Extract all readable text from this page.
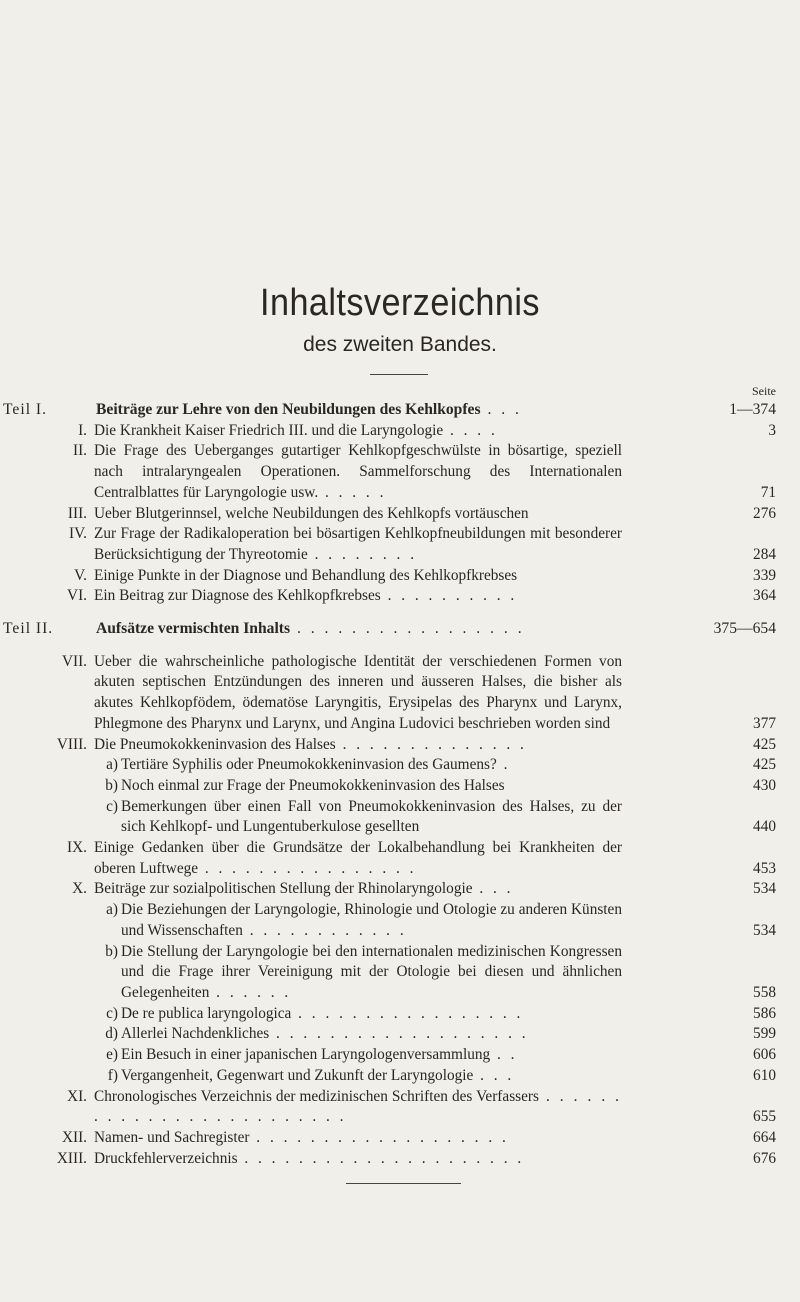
Inhaltsverzeichnis
des zweiten Bandes.
Seite
Teil I.	Beiträge zur Lehre von den Neubildungen des Kehlkopfes . . .	1—374
I. Die Krankheit Kaiser Friedrich III. und die Laryngologie . . . .	3
II. Die Frage des Ueberganges gutartiger Kehlkopfgeschwülste in bösartige, speziell nach intralaryngealen Operationen. Sammelforschung des Internationalen Centralblattes für Laryngologie usw. . . . . .	71
III. Ueber Blutgerinnsel, welche Neubildungen des Kehlkopfs vortäuschen	276
IV. Zur Frage der Radikaloperation bei bösartigen Kehlkopfneubildungen mit besonderer Berücksichtigung der Thyreotomie . . . . . . . .	284
V. Einige Punkte in der Diagnose und Behandlung des Kehlkopfkrebses	339
VI. Ein Beitrag zur Diagnose des Kehlkopfkrebses . . . . . . . . . .	364
Teil II.	Aufsätze vermischten Inhalts . . . . . . . . . . . . . . . . .	375—654
VII. Ueber die wahrscheinliche pathologische Identität der verschiedenen Formen von akuten septischen Entzündungen des inneren und äusseren Halses, die bisher als akutes Kehlkopfödem, ödematöse Laryngitis, Erysipelas des Pharynx und Larynx, Phlegmone des Pharynx und Larynx, und Angina Ludovici beschrieben worden sind	377
VIII. Die Pneumokokkeninvasion des Halses . . . . . . . . . . . . . .	425
a) Tertiäre Syphilis oder Pneumokokkeninvasion des Gaumens? .	425
b) Noch einmal zur Frage der Pneumokokkeninvasion des Halses	430
c) Bemerkungen über einen Fall von Pneumokokkeninvasion des Halses, zu der sich Kehlkopf- und Lungentuberkulose gesellten	440
IX. Einige Gedanken über die Grundsätze der Lokalbehandlung bei Krankheiten der oberen Luftwege . . . . . . . . . . . . . . . .	453
X. Beiträge zur sozialpolitischen Stellung der Rhinolaryngologie . . .	534
a) Die Beziehungen der Laryngologie, Rhinologie und Otologie zu anderen Künsten und Wissenschaften . . . . . . . . . . . .	534
b) Die Stellung der Laryngologie bei den internationalen medizinischen Kongressen und die Frage ihrer Vereinigung mit der Otologie bei diesen und ähnlichen Gelegenheiten . . . . . .	558
c) De re publica laryngologica . . . . . . . . . . . . . . . . .	586
d) Allerlei Nachdenkliches . . . . . . . . . . . . . . . . . . .	599
e) Ein Besuch in einer japanischen Laryngologenversammlung . .	606
f) Vergangenheit, Gegenwart und Zukunft der Laryngologie . . .	610
XI. Chronologisches Verzeichnis der medizinischen Schriften des Verfassers . . . . . . . . . . . . . . . . . . . . . . . . .	655
XII. Namen- und Sachregister . . . . . . . . . . . . . . . . . . .	664
XIII. Druckfehlerverzeichnis . . . . . . . . . . . . . . . . . . . . .	676
